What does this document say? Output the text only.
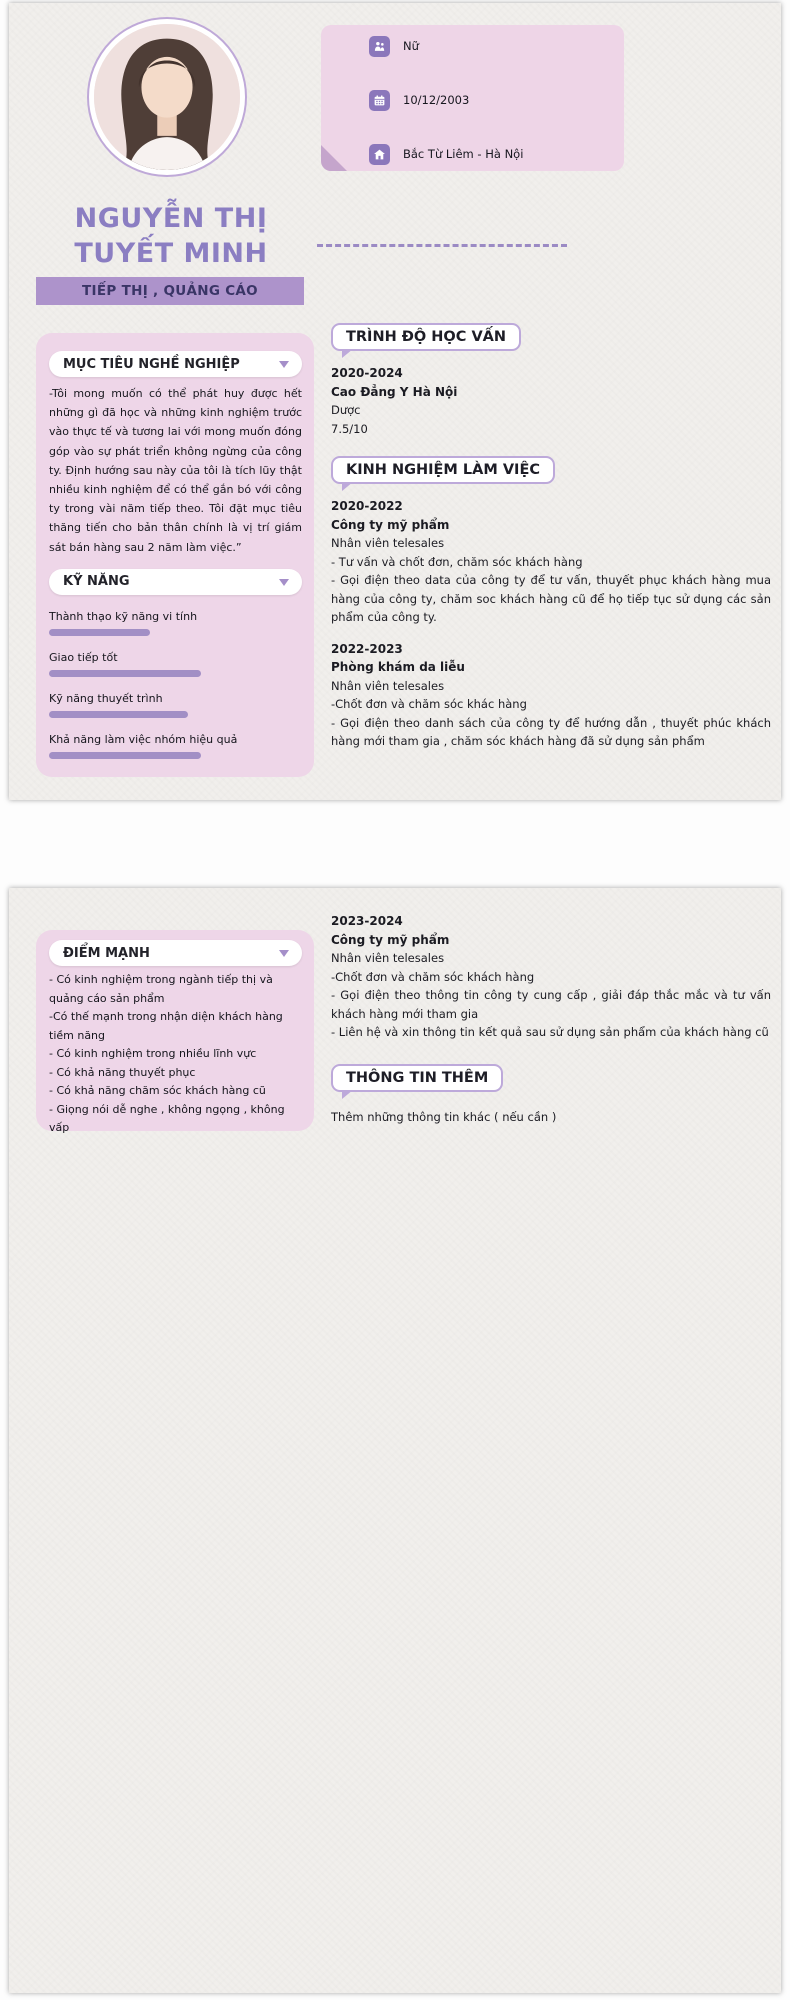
Nữ
10/12/2003
Bắc Từ Liêm - Hà Nội
NGUYỄN THỊ TUYẾT MINH
TIẾP THỊ , QUẢNG CÁO
MỤC TIÊU NGHỀ NGHIỆP

-Tôi mong muốn có thể phát huy được hết những gì đã học và những kinh nghiệm trước vào thực tế và tương lai với mong muốn đóng góp vào sự phát triển không ngừng của công ty. Định hướng sau này của tôi là tích lũy thật nhiều kinh nghiệm để có thể gắn bó với công ty trong vài năm tiếp theo. Tôi đặt mục tiêu thăng tiến cho bản thân chính là vị trí giám sát bán hàng sau 2 năm làm việc.”

KỸ NĂNG
Thành thạo kỹ năng vi tính
Giao tiếp tốt
Kỹ năng thuyết trình
Khả năng làm việc nhóm hiệu quả
TRÌNH ĐỘ HỌC VẤN
2020-2024
Cao Đẳng Y Hà Nội
Dược
7.5/10
KINH NGHIỆM LÀM VIỆC
2020-2022
Công ty mỹ phẩm
Nhân viên telesales
- Tư vấn và chốt đơn, chăm sóc khách hàng
- Gọi điện theo data của công ty để tư vấn, thuyết phục khách hàng mua hàng của công ty, chăm soc khách hàng cũ để họ tiếp tục sử dụng các sản phẩm của công ty.
2022-2023
Phòng khám da liễu
Nhân viên telesales
-Chốt đơn và chăm sóc khác hàng
- Gọi điện theo danh sách của công ty để hướng dẫn , thuyết phúc khách hàng mới tham gia , chăm sóc khách hàng đã sử dụng sản phẩm
ĐIỂM MẠNH
- Có kinh nghiệm trong ngành tiếp thị và quảng cáo sản phẩm
-Có thế mạnh trong nhận diện khách hàng tiềm năng
- Có kinh nghiệm trong nhiều lĩnh vực
- Có khả năng thuyết phục
- Có khả năng chăm sóc khách hàng cũ
- Giọng nói dễ nghe , không ngọng , không vấp
2023-2024
Công ty mỹ phẩm
Nhân viên telesales
-Chốt đơn và chăm sóc khách hàng
- Gọi điện theo thông tin công ty cung cấp , giải đáp thắc mắc và tư vấn khách hàng mới tham gia
- Liên hệ và xin thông tin kết quả sau sử dụng sản phẩm của khách hàng cũ
THÔNG TIN THÊM
Thêm những thông tin khác ( nếu cần )
